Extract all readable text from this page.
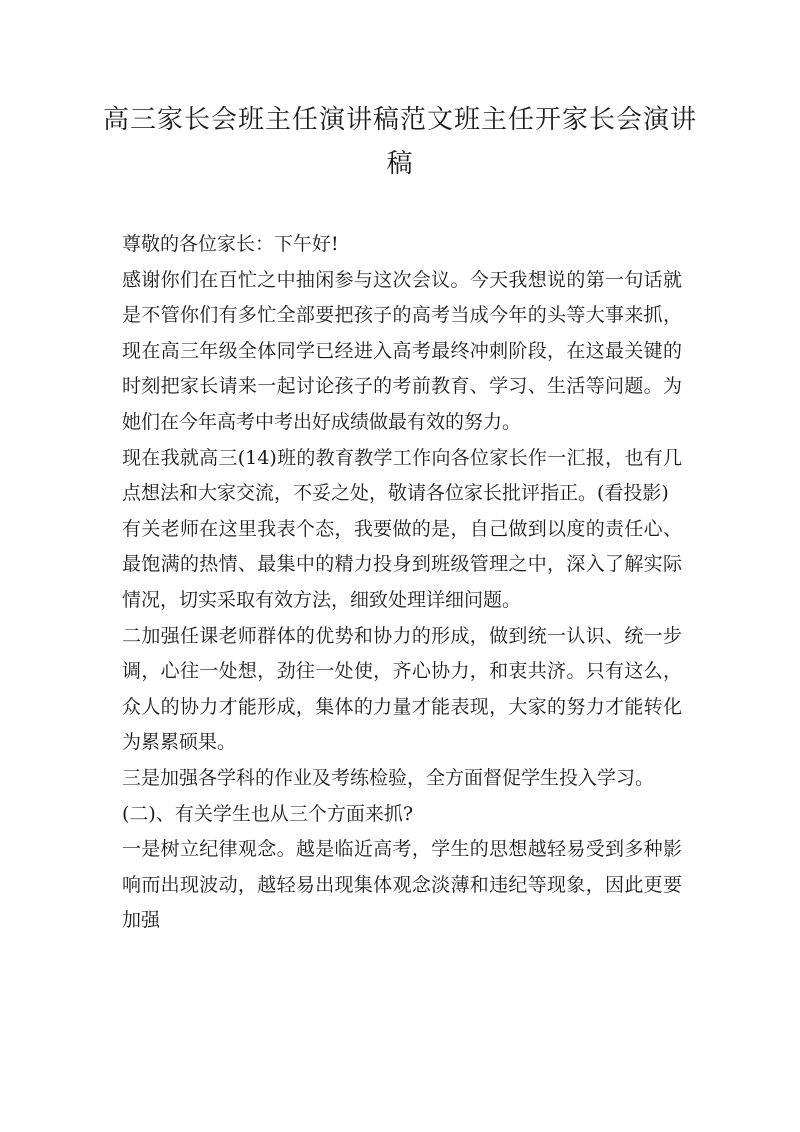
高三家长会班主任演讲稿范文班主任开家长会演讲稿

尊敬的各位家长：下午好!

感谢你们在百忙之中抽闲参与这次会议。今天我想说的第一句话就是不管你们有多忙全部要把孩子的高考当成今年的头等大事来抓，现在高三年级全体同学已经进入高考最终冲刺阶段，在这最关键的时刻把家长请来一起讨论孩子的考前教育、学习、生活等问题。为她们在今年高考中考出好成绩做最有效的努力。

现在我就高三(14)班的教育教学工作向各位家长作一汇报，也有几点想法和大家交流，不妥之处，敬请各位家长批评指正。(看投影)

有关老师在这里我表个态，我要做的是，自己做到以度的责任心、最饱满的热情、最集中的精力投身到班级管理之中，深入了解实际情况，切实采取有效方法，细致处理详细问题。

二加强任课老师群体的优势和协力的形成，做到统一认识、统一步调，心往一处想，劲往一处使，齐心协力，和衷共济。只有这么，众人的协力才能形成，集体的力量才能表现，大家的努力才能转化为累累硕果。

三是加强各学科的作业及考练检验，全方面督促学生投入学习。

(二)、有关学生也从三个方面来抓?

一是树立纪律观念。越是临近高考，学生的思想越轻易受到多种影响而出现波动，越轻易出现集体观念淡薄和违纪等现象，因此更要加强
